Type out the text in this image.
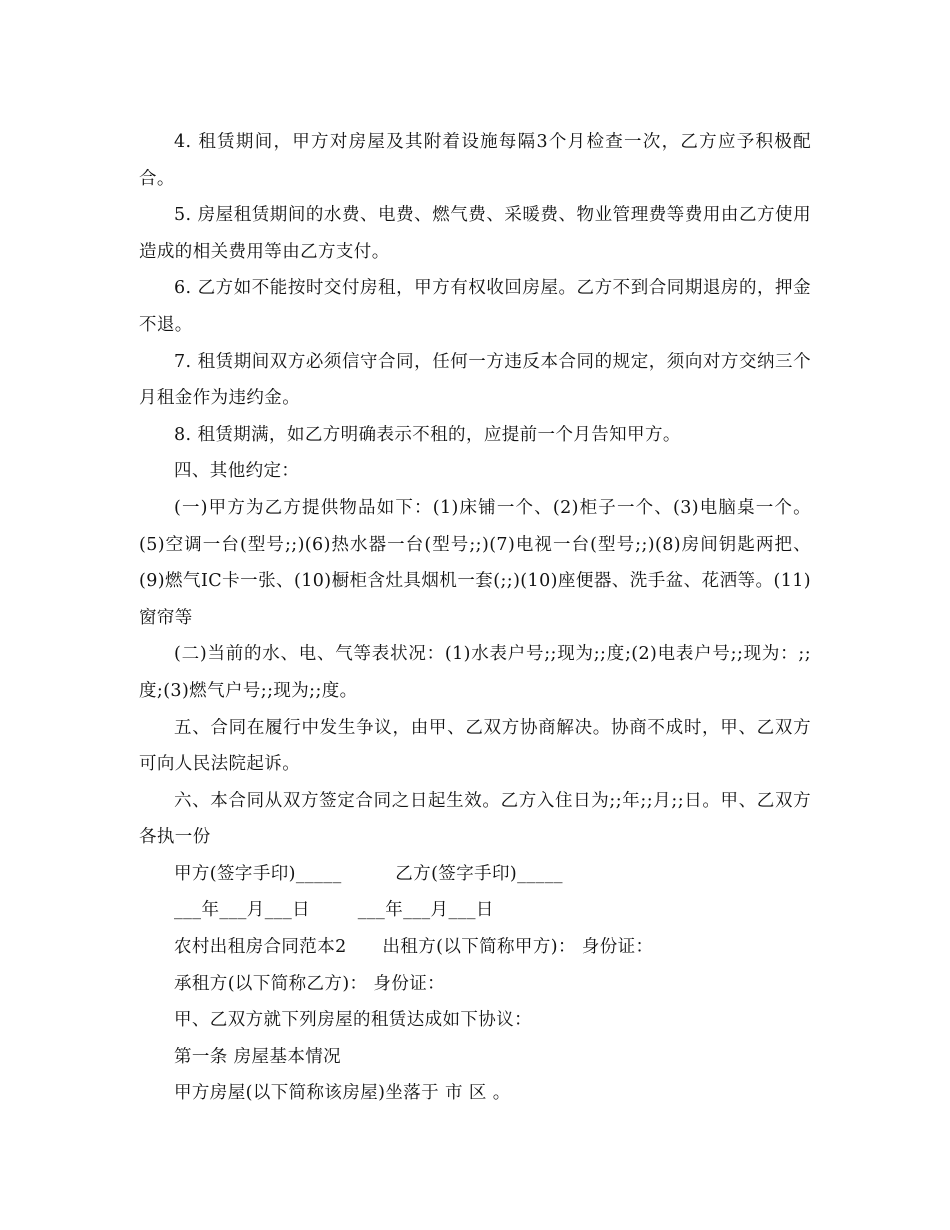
4. 租赁期间，甲方对房屋及其附着设施每隔3个月检查一次，乙方应予积极配合。

5. 房屋租赁期间的水费、电费、燃气费、采暖费、物业管理费等费用由乙方使用造成的相关费用等由乙方支付。

6. 乙方如不能按时交付房租，甲方有权收回房屋。乙方不到合同期退房的，押金不退。

7. 租赁期间双方必须信守合同，任何一方违反本合同的规定，须向对方交纳三个月租金作为违约金。

8. 租赁期满，如乙方明确表示不租的，应提前一个月告知甲方。

四、其他约定：

(一)甲方为乙方提供物品如下：(1)床铺一个、(2)柜子一个、(3)电脑桌一个。(5)空调一台(型号;;)(6)热水器一台(型号;;)(7)电视一台(型号;;)(8)房间钥匙两把、(9)燃气IC卡一张、(10)橱柜含灶具烟机一套(;;)(10)座便器、洗手盆、花洒等。(11)窗帘等

(二)当前的水、电、气等表状况：(1)水表户号;;现为;;度;(2)电表户号;;现为：;;度;(3)燃气户号;;现为;;度。

五、合同在履行中发生争议，由甲、乙双方协商解决。协商不成时，甲、乙双方可向人民法院起诉。

六、本合同从双方签定合同之日起生效。乙方入住日为;;年;;月;;日。甲、乙双方各执一份

甲方(签字手印)_____         乙方(签字手印)_____

___年___月___日        ___年___月___日

农村出租房合同范本2      出租方(以下简称甲方)： 身份证：

承租方(以下简称乙方)： 身份证：

甲、乙双方就下列房屋的租赁达成如下协议：

第一条 房屋基本情况

甲方房屋(以下简称该房屋)坐落于 市 区 。
